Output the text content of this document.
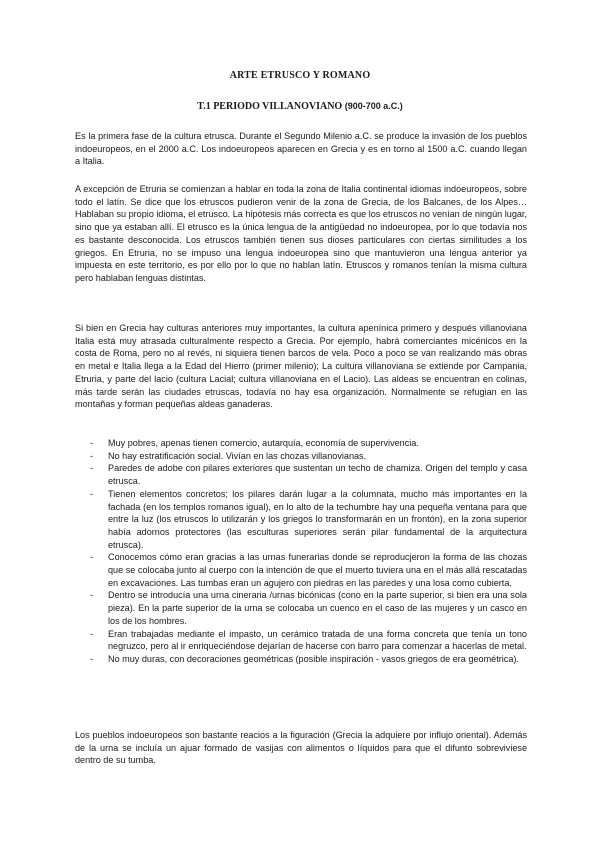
ARTE ETRUSCO Y ROMANO
T.1 PERIODO VILLANOVIANO (900-700 a.C.)

Es la primera fase de la cultura etrusca. Durante el Segundo Milenio a.C. se produce la invasión de los pueblos indoeuropeos, en el 2000 a.C. Los indoeuropeos aparecen en Grecia y es en torno al 1500 a.C. cuando llegan a Italia.

A excepción de Etruria se comienzan a hablar en toda la zona de Italia continental idiomas indoeuropeos, sobre todo el latín. Se dice que los etruscos pudieron venir de la zona de Grecia, de los Balcanes, de los Alpes… Hablaban su propio idioma, el etrusco. La hipótesis más correcta es que los etruscos no venían de ningún lugar, sino que ya estaban allí. El etrusco es la única lengua de la antigüedad no indoeuropea, por lo que todavía nos es bastante desconocida. Los etruscos también tienen sus dioses particulares con ciertas similitudes a los griegos. En Etruria, no se impuso una lengua indoeuropea sino que mantuvieron una lengua anterior ya impuesta en este territorio, es por ello por lo que no hablan latín. Etruscos y romanos tenían la misma cultura pero hablaban lenguas distintas.

Si bien en Grecia hay culturas anteriores muy importantes, la cultura apenínica primero y después villanoviana Italia está muy atrasada culturalmente respecto a Grecia. Por ejemplo, habrá comerciantes micénicos en la costa de Roma, pero no al revés, ni siquiera tienen barcos de vela. Poco a poco se van realizando más obras en metal e Italia llega a la Edad del Hierro (primer milenio); La cultura villanoviana se extiende por Campania, Etruria, y parte del lacio (cultura Lacial; cultura villanoviana en el Lacio). Las aldeas se encuentran en colinas, más tarde serán las ciudades etruscas, todavía no hay esa organización. Normalmente se refugian en las montañas y forman pequeñas aldeas ganaderas.

- Muy pobres, apenas tienen comercio, autarquía, economía de supervivencia.
- No hay estratificación social. Vivían en las chozas villanovianas.
- Paredes de adobe con pilares exteriores que sustentan un techo de chamiza. Origen del templo y casa etrusca.
- Tienen elementos concretos; los pilares darán lugar a la columnata, mucho más importantes en la fachada (en los templos romanos igual), en lo alto de la techumbre hay una pequeña ventana para que entre la luz (los etruscos lo utilizarán y los griegos lo transformarán en un frontón), en la zona superior había adornos protectores (las esculturas superiores serán pilar fundamental de la arquitectura etrusca).
- Conocemos cómo eran gracias a las urnas funerarias donde se reproducjeron la forma de las chozas que se colocaba junto al cuerpo con la intención de que el muerto tuviera una en el más allá rescatadas en excavaciones. Las tumbas eran un agujero con piedras en las paredes y una losa como cubierta.
- Dentro se introducía una urna cineraria /urnas bicónicas (cono en la parte superior, si bien era una sola pieza). En la parte superior de la urna se colocaba un cuenco en el caso de las mujeres y un casco en los de los hombres.
- Eran trabajadas mediante el impasto, un cerámico tratada de una forma concreta que tenía un tono negruzco, pero al ir enriqueciéndose dejarían de hacerse con barro para comenzar a hacerlas de metal.
- No muy duras, con decoraciones geométricas (posible inspiración - vasos griegos de era geométrica).

Los pueblos indoeuropeos son bastante reacios a la figuración (Grecia la adquiere por influjo oriental). Además de la urna se incluía un ajuar formado de vasijas con alimentos o líquidos para que el difunto sobreviviese dentro de su tumba.
